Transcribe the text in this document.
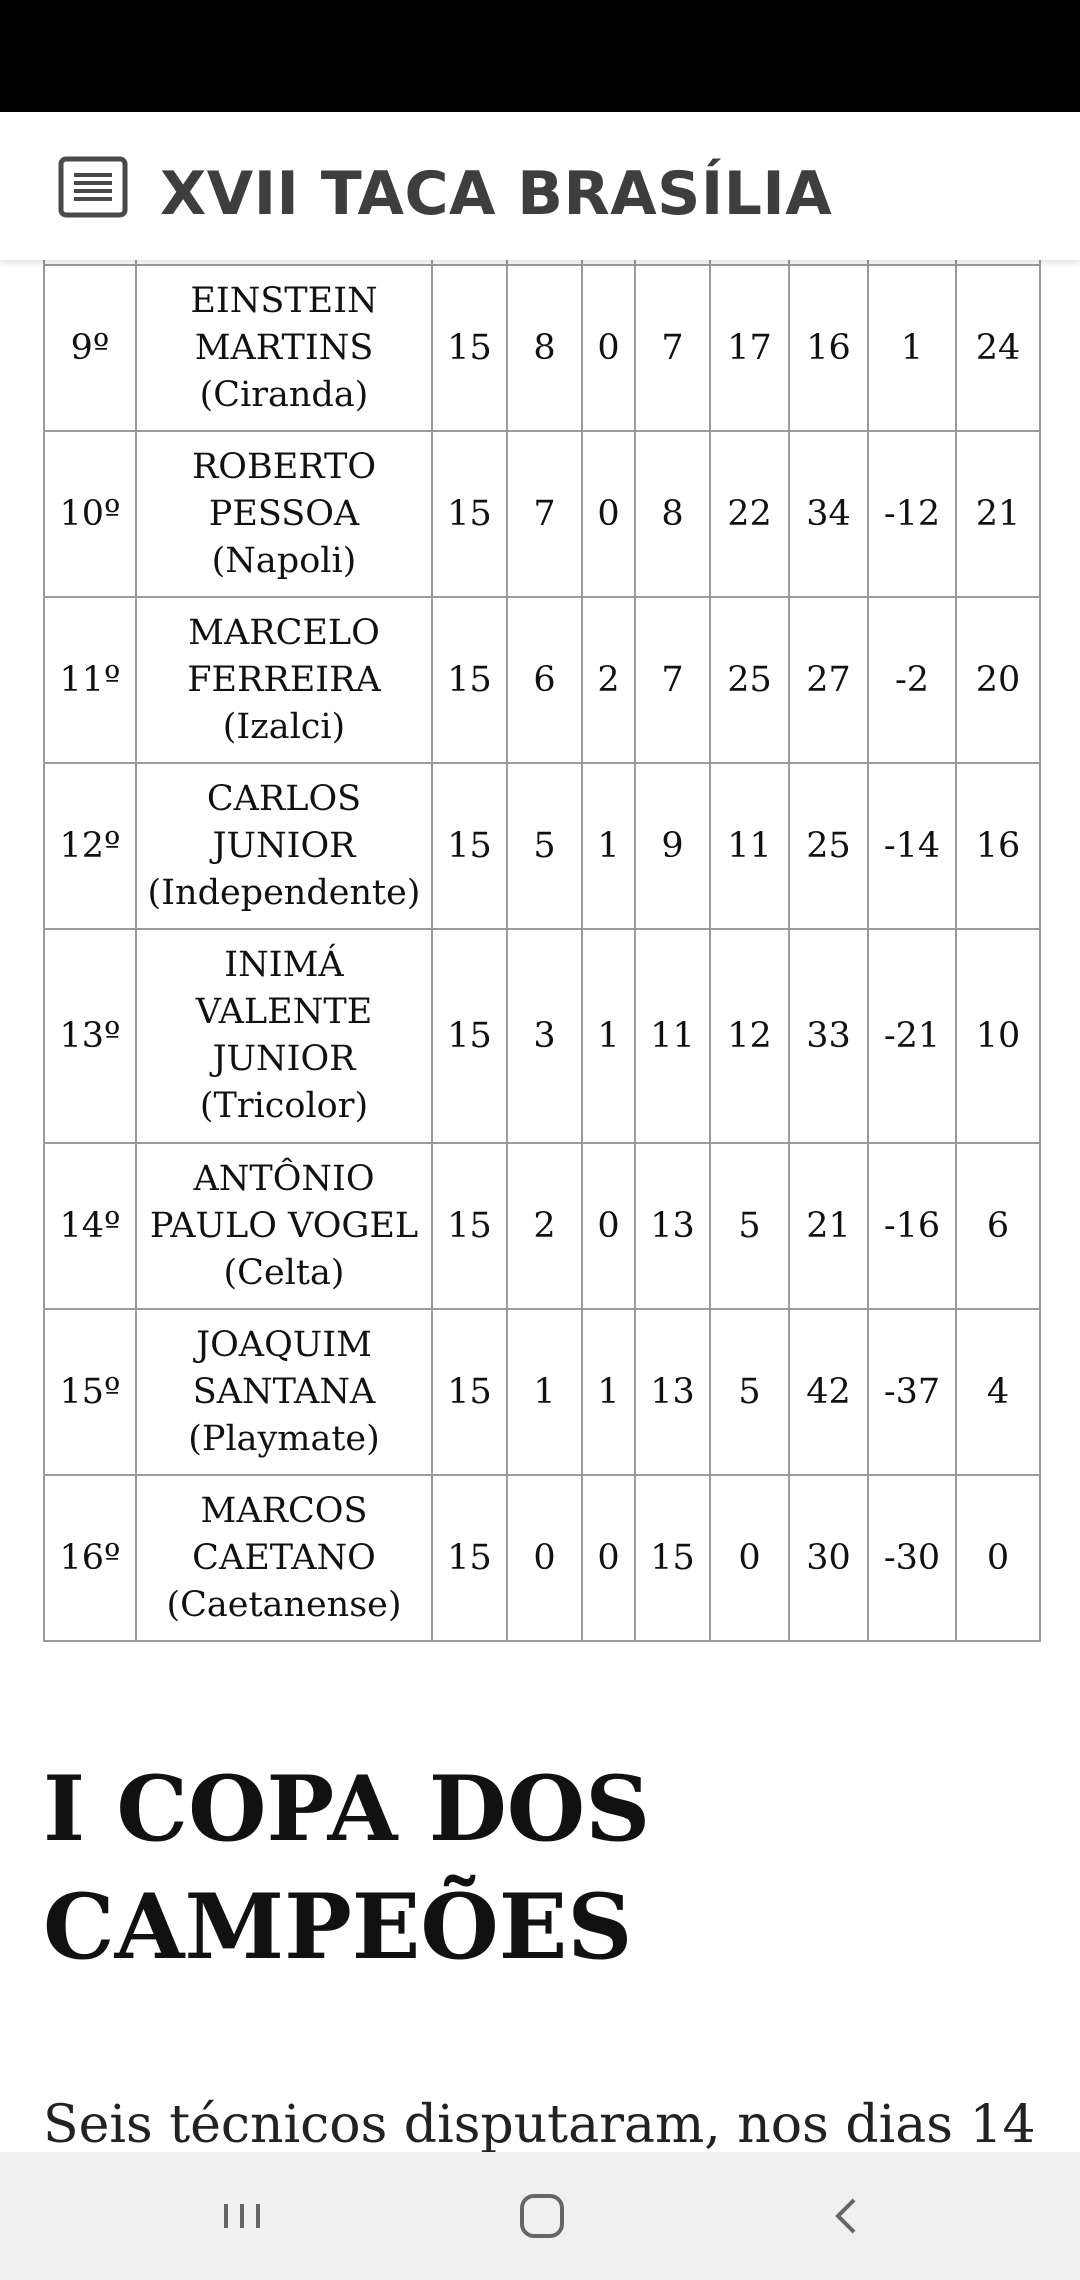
XVII TACA BRASÍLIA

9º	EINSTEIN
MARTINS
(Ciranda)	15	8	0	7	17	16	1	24
10º	ROBERTO
PESSOA
(Napoli)	15	7	0	8	22	34	-12	21
11º	MARCELO
FERREIRA
(Izalci)	15	6	2	7	25	27	-2	20
12º	CARLOS
JUNIOR
(Independente)	15	5	1	9	11	25	-14	16
13º	INIMÁ
VALENTE
JUNIOR
(Tricolor)	15	3	1	11	12	33	-21	10
14º	ANTÔNIO
PAULO VOGEL
(Celta)	15	2	0	13	5	21	-16	6
15º	JOAQUIM
SANTANA
(Playmate)	15	1	1	13	5	42	-37	4
16º	MARCOS
CAETANO
(Caetanense)	15	0	0	15	0	30	-30	0
I COPA DOS CAMPEÕES

Seis técnicos disputaram, nos dias 14
